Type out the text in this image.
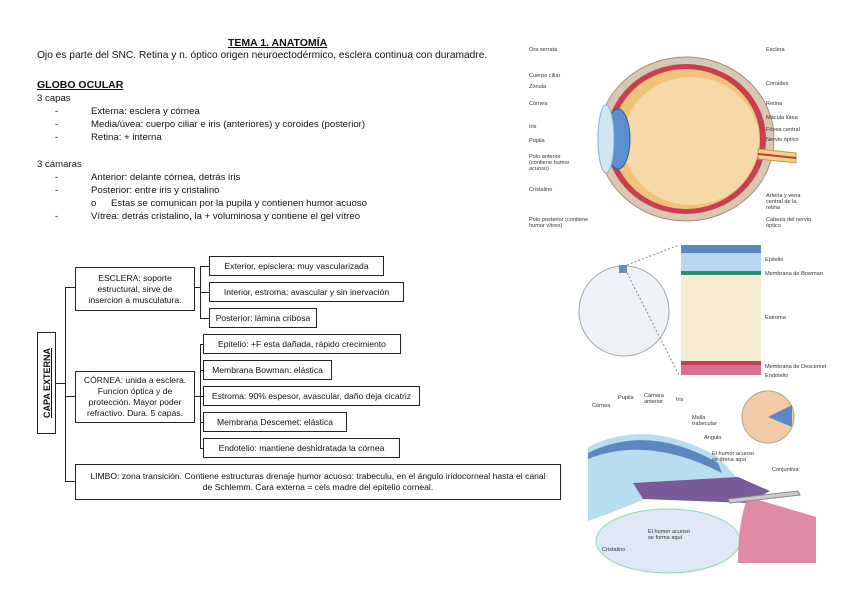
TEMA 1. ANATOMÍA
Ojo es parte del SNC. Retina y n. óptico origen neuroectodérmico, esclera continua con duramadre.
GLOBO OCULAR
3 capas
-	Externa: esclera y córnea
-	Media/úvea: cuerpo ciliar e iris (anteriores) y coroides (posterior)
-	Retina: + interna
3 cámaras
-	Anterior: delante córnea, detrás iris
-	Posterior: entre iris y cristalino
o Estas se comunican por la pupila y contienen humor acuoso
-	Vítrea: detrás cristalino, la + voluminosa y contiene el gel vítreo
CAPA EXTERNA
ESCLERA: soporte estructural, sirve de insercion a musculatura.
Exterior, episclera: muy vascularizada
Interior, estroma: avascular y sin inervación
Posterior: lámina cribosa
CÓRNEA: unida a esclera. Funcion óptica y de protección. Mayor poder refractivo. Dura. 5 capas.
Epitelio: +F esta dañada, rápido crecimiento
Membrana Bowman: elástica
Estroma: 90% espesor, avascular, daño deja cicatriz
Membrana Descemet: elástica
Endotelio: mantiene deshidratada la córnea
LIMBO: zona transición. Contiene estructuras drenaje humor acuoso: trabeculu, en el ángulo iridocorneal hasta el canal de Schlemm. Cara externa = cels madre del epitelio corneal.
Ora serrata
Cuerpo ciliar
Zónula
Córnea
Iris
Pupila
Polo anterior (contiene humor acuoso)
Cristalino
Polo posterior (contiene humor vítreo)
Esclera
Coroides
Retina
Mácula lútea
Fóvea central
Nervio óptico
Arteria y vena central de la retina
Cabeza del nervio óptico
Epitelio
Membrana de Bowman
Estroma
Membrana de Descemet
Endotelio
Córnea
Pupila Cámara anterior	Iris
Malla trabecular
Ángulo
El humor acuoso se drena aquí
Conjuntiva
El humor acuoso se forma aquí
Cristalino
